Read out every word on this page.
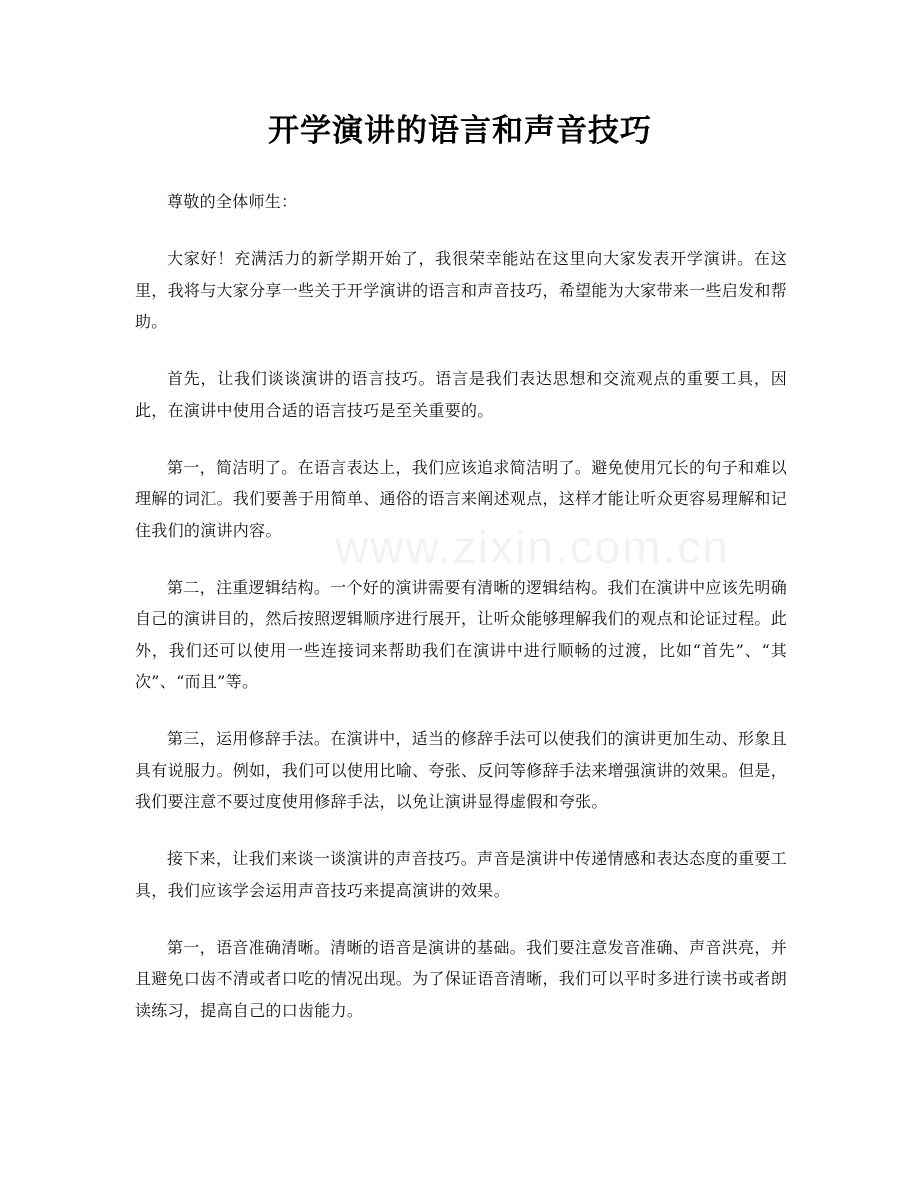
www.zixin.com.cn
开学演讲的语言和声音技巧

尊敬的全体师生：

大家好！充满活力的新学期开始了，我很荣幸能站在这里向大家发表开学演讲。在这里，我将与大家分享一些关于开学演讲的语言和声音技巧，希望能为大家带来一些启发和帮助。

首先，让我们谈谈演讲的语言技巧。语言是我们表达思想和交流观点的重要工具，因此，在演讲中使用合适的语言技巧是至关重要的。

第一，简洁明了。在语言表达上，我们应该追求简洁明了。避免使用冗长的句子和难以理解的词汇。我们要善于用简单、通俗的语言来阐述观点，这样才能让听众更容易理解和记住我们的演讲内容。

第二，注重逻辑结构。一个好的演讲需要有清晰的逻辑结构。我们在演讲中应该先明确自己的演讲目的，然后按照逻辑顺序进行展开，让听众能够理解我们的观点和论证过程。此外，我们还可以使用一些连接词来帮助我们在演讲中进行顺畅的过渡，比如“首先”、“其次”、“而且”等。

第三，运用修辞手法。在演讲中，适当的修辞手法可以使我们的演讲更加生动、形象且具有说服力。例如，我们可以使用比喻、夸张、反问等修辞手法来增强演讲的效果。但是，我们要注意不要过度使用修辞手法，以免让演讲显得虚假和夸张。

接下来，让我们来谈一谈演讲的声音技巧。声音是演讲中传递情感和表达态度的重要工具，我们应该学会运用声音技巧来提高演讲的效果。

第一，语音准确清晰。清晰的语音是演讲的基础。我们要注意发音准确、声音洪亮，并且避免口齿不清或者口吃的情况出现。为了保证语音清晰，我们可以平时多进行读书或者朗读练习，提高自己的口齿能力。
